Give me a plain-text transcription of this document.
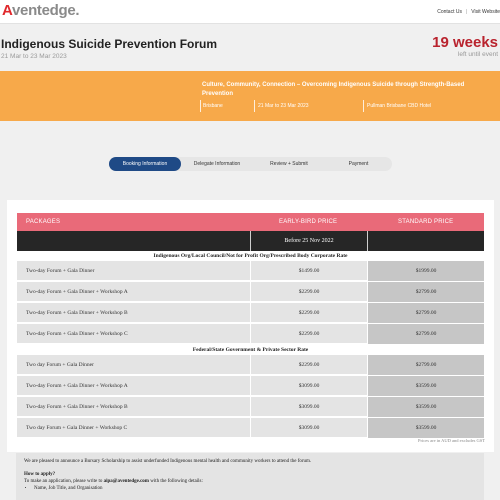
Aventedge.	Contact Us | Visit Website
Indigenous Suicide Prevention Forum
21 Mar to 23 Mar 2023
19 weeks
left until event
Culture, Community, Connection – Overcoming Indigenous Suicide through Strength-Based Prevention
Brisbane	21 Mar to 23 Mar 2023	Pullman Brisbane CBD Hotel
Booking Information	Delegate Information	Review + Submit	Payment
PACKAGES	EARLY-BIRD PRICE	STANDARD PRICE
Before 25 Nov 2022
Indigenous Org/Local Council/Not for Profit Org/Prescribed Body Corporate Rate
Two-day Forum + Gala Dinner	$1499.00	$1999.00
Two-day Forum + Gala Dinner + Workshop A	$2299.00	$2799.00
Two-day Forum + Gala Dinner + Workshop B	$2299.00	$2799.00
Two-day Forum + Gala Dinner + Workshop C	$2299.00	$2799.00
Federal/State Government & Private Sector Rate
Two day Forum + Gala Dinner	$2299.00	$2799.00
Two-day Forum + Gala Dinner + Workshop A	$3099.00	$3599.00
Two-day Forum + Gala Dinner + Workshop B	$3099.00	$3599.00
Two day Forum + Gala Dinner + Workshop C	$3099.00	$3599.00
Prices are in AUD and excludes GST

We are pleased to announce a Bursary Scholarship to assist underfunded Indigenous mental health and community workers to attend the forum.

How to apply?
To make an application, please write to aipa@aventedge.com with the following details:
• Name, Job Title, and Organisation
